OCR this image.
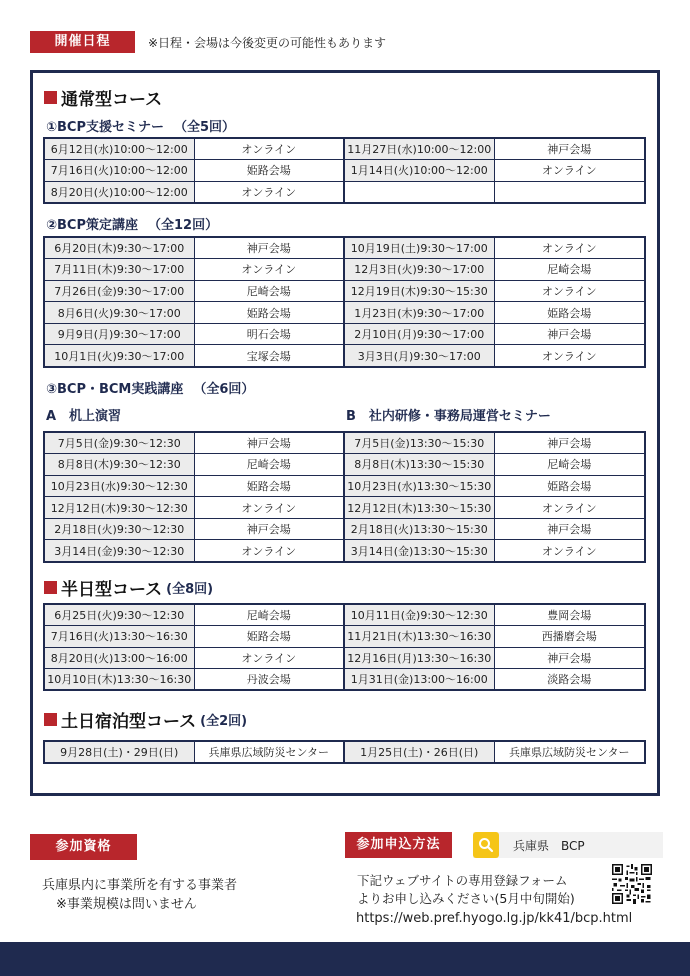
開催日程	※日程・会場は今後変更の可能性もあります
通常型コース
①BCP支援セミナー （全5回）
6月12日(水)10:00～12:00	オンライン	11月27日(水)10:00～12:00	神戸会場
7月16日(火)10:00～12:00	姫路会場	1月14日(火)10:00～12:00	オンライン
8月20日(火)10:00～12:00	オンライン		
②BCP策定講座 （全12回）
6月20日(木)9:30～17:00	神戸会場	10月19日(土)9:30～17:00	オンライン
7月11日(木)9:30～17:00	オンライン	12月3日(火)9:30～17:00	尼崎会場
7月26日(金)9:30～17:00	尼崎会場	12月19日(木)9:30～15:30	オンライン
8月6日(火)9:30～17:00	姫路会場	1月23日(木)9:30～17:00	姫路会場
9月9日(月)9:30～17:00	明石会場	2月10日(月)9:30～17:00	神戸会場
10月1日(火)9:30～17:00	宝塚会場	3月3日(月)9:30～17:00	オンライン
③BCP・BCM実践講座 （全6回）
A　机上演習	B　社内研修・事務局運営セミナー
7月5日(金)9:30～12:30	神戸会場	7月5日(金)13:30～15:30	神戸会場
8月8日(木)9:30～12:30	尼崎会場	8月8日(木)13:30～15:30	尼崎会場
10月23日(水)9:30～12:30	姫路会場	10月23日(水)13:30～15:30	姫路会場
12月12日(木)9:30～12:30	オンライン	12月12日(木)13:30～15:30	オンライン
2月18日(火)9:30～12:30	神戸会場	2月18日(火)13:30～15:30	神戸会場
3月14日(金)9:30～12:30	オンライン	3月14日(金)13:30～15:30	オンライン
半日型コース (全8回)
6月25日(火)9:30～12:30	尼崎会場	10月11日(金)9:30～12:30	豊岡会場
7月16日(火)13:30～16:30	姫路会場	11月21日(木)13:30～16:30	西播磨会場
8月20日(火)13:00～16:00	オンライン	12月16日(月)13:30～16:30	神戸会場
10月10日(木)13:30～16:30	丹波会場	1月31日(金)13:00～16:00	淡路会場
土日宿泊型コース (全2回)
9月28日(土)・29日(日)	兵庫県広域防災センター	1月25日(土)・26日(日)	兵庫県広域防災センター
参加資格
兵庫県内に事業所を有する事業者
※事業規模は問いません
参加申込方法	兵庫県　BCP
下記ウェブサイトの専用登録フォーム
よりお申し込みください(5月中旬開始)
https://web.pref.hyogo.lg.jp/kk41/bcp.html
